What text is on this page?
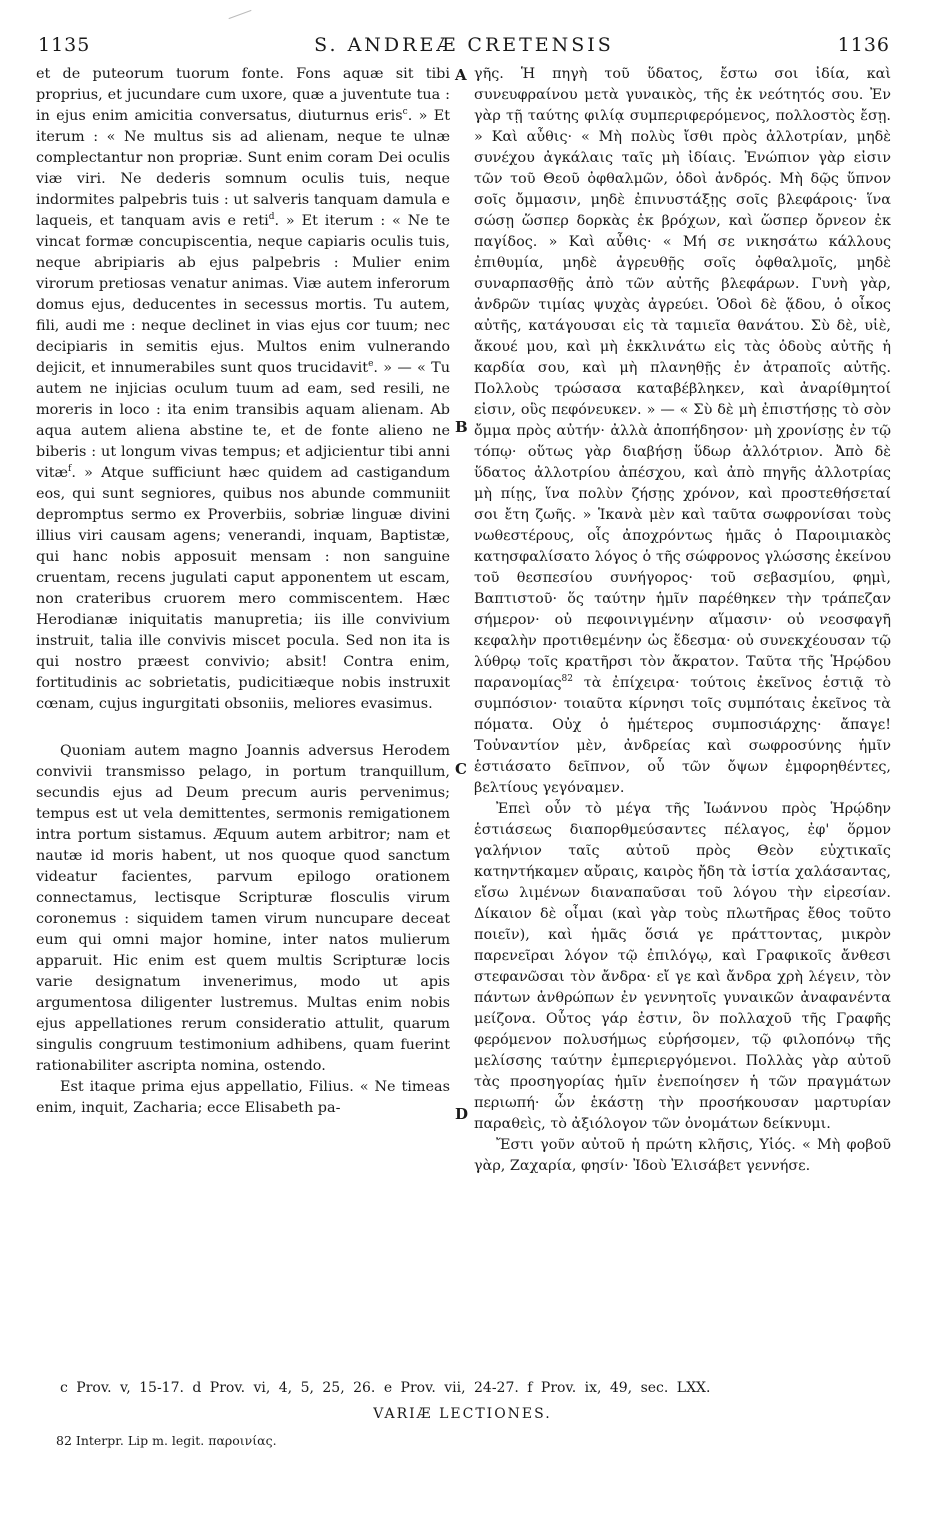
1135	S. ANDREÆ CRETENSIS	1136

et de puteorum tuorum fonte. Fons aquæ sit tibi proprius, et jucundare cum uxore, quæ a juventute tua : in ejus enim amicitia conversatus, diuturnus eris$^c$. » Et iterum : « Ne multus sis ad alienam, neque te ulnæ complectantur non propriæ. Sunt enim coram Dei oculis viæ viri. Ne dederis somnum oculis tuis, neque indormites palpebris tuis : ut salveris tanquam damula e laqueis, et tanquam avis e reti$^d$. » Et iterum : « Ne te vincat formæ concupiscentia, neque capiaris oculis tuis, neque abripiaris ab ejus palpebris : Mulier enim virorum pretiosas venatur animas. Viæ autem inferorum domus ejus, deducentes in secessus mortis. Tu autem, fili, audi me : neque declinet in vias ejus cor tuum; nec decipiaris in semitis ejus. Multos enim vulnerando dejicit, et innumerabiles sunt quos trucidavit$^e$. » — « Tu autem ne injicias oculum tuum ad eam, sed resili, ne moreris in loco : ita enim transibis aquam alienam. Ab aqua autem aliena abstine te, et de fonte alieno ne biberis : ut longum vivas tempus; et adjicientur tibi anni vitæ$^f$. » Atque sufficiunt hæc quidem ad castigandum eos, qui sunt segniores, quibus nos abunde communiit depromptus sermo ex Proverbiis, sobriæ linguæ divini illius viri causam agens; venerandi, inquam, Baptistæ, qui hanc nobis apposuit mensam : non sanguine cruentam, recens jugulati caput apponentem ut escam, non crateribus cruorem mero commiscentem. Hæc Herodianæ iniquitatis manupretia; iis ille convivium instruit, talia ille convivis miscet pocula. Sed non ita is qui nostro præest convivio; absit! Contra enim, fortitudinis ac sobrietatis, pudicitiæque nobis instruxit cœnam, cujus ingurgitati obsoniis, meliores evasimus.

Quoniam autem magno Joannis adversus Herodem convivii transmisso pelago, in portum tranquillum, secundis ejus ad Deum precum auris pervenimus; tempus est ut vela demittentes, sermonis remigationem intra portum sistamus. Æquum autem arbitror; nam et nautæ id moris habent, ut nos quoque quod sanctum videatur facientes, parvum epilogo orationem connectamus, lectisque Scripturæ flosculis virum coronemus : siquidem tamen virum nuncupare deceat eum qui omni major homine, inter natos mulierum apparuit. Hic enim est quem multis Scripturæ locis varie designatum invenerimus, modo ut apis argumentosa diligenter lustremus. Multas enim nobis ejus appellationes rerum consideratio attulit, quarum singulis congruum testimonium adhibens, quam fuerint rationabiliter ascripta nomina, ostendo.

Est itaque prima ejus appellatio, Filius. « Ne timeas enim, inquit, Zacharia; ecce Elisabeth pa-

A
B
C
D

γῆς. Ἡ πηγὴ τοῦ ὕδατος, ἔστω σοι ἰδία, καὶ συνευφραίνου μετὰ γυναικὸς, τῆς ἐκ νεότητός σου. Ἐν γὰρ τῇ ταύτης φιλίᾳ συμπεριφερόμενος, πολλοστὸς ἔσῃ. » Καὶ αὖθις· « Μὴ πολὺς ἴσθι πρὸς ἀλλοτρίαν, μηδὲ συνέχου ἀγκάλαις ταῖς μὴ ἰδίαις. Ἐνώπιον γὰρ εἰσιν τῶν τοῦ Θεοῦ ὀφθαλμῶν, ὁδοὶ ἀνδρός. Μὴ δῷς ὕπνον σοῖς ὄμμασιν, μηδὲ ἐπινυστάξῃς σοῖς βλεφάροις· ἵνα σώσῃ ὥσπερ δορκὰς ἐκ βρόχων, καὶ ὥσπερ ὄρνεον ἐκ παγίδος. » Καὶ αὖθις· « Μή σε νικησάτω κάλλους ἐπιθυμία, μηδὲ ἀγρευθῇς σοῖς ὀφθαλμοῖς, μηδὲ συναρπασθῇς ἀπὸ τῶν αὐτῆς βλεφάρων. Γυνὴ γὰρ, ἀνδρῶν τιμίας ψυχὰς ἀγρεύει. Ὁδοὶ δὲ ᾅδου, ὁ οἶκος αὐτῆς, κατάγουσαι εἰς τὰ ταμιεῖα θανάτου. Σὺ δὲ, υἱὲ, ἄκουέ μου, καὶ μὴ ἐκκλινάτω εἰς τὰς ὁδοὺς αὐτῆς ἡ καρδία σου, καὶ μὴ πλανηθῇς ἐν ἀτραποῖς αὐτῆς. Πολλοὺς τρώσασα καταβέβληκεν, καὶ ἀναρίθμητοί εἰσιν, οὓς πεφόνευκεν. » — « Σὺ δὲ μὴ ἐπιστήσῃς τὸ σὸν ὄμμα πρὸς αὐτήν· ἀλλὰ ἀποπήδησον· μὴ χρονίσῃς ἐν τῷ τόπῳ· οὕτως γὰρ διαβήσῃ ὕδωρ ἀλλότριον. Ἀπὸ δὲ ὕδατος ἀλλοτρίου ἀπέσχου, καὶ ἀπὸ πηγῆς ἀλλοτρίας μὴ πίῃς, ἵνα πολὺν ζήσῃς χρόνον, καὶ προστεθήσεταί σοι ἔτη ζωῆς. » Ἱκανὰ μὲν καὶ ταῦτα σωφρονίσαι τοὺς νωθεστέρους, οἷς ἀποχρόντως ἡμᾶς ὁ Παροιμιακὸς κατησφαλίσατο λόγος ὁ τῆς σώφρονος γλώσσης ἐκείνου τοῦ θεσπεσίου συνήγορος· τοῦ σεβασμίου, φημὶ, Βαπτιστοῦ· ὅς ταύτην ἡμῖν παρέθηκεν τὴν τράπεζαν σήμερον· οὐ πεφοινιγμένην αἵμασιν· οὐ νεοσφαγῆ κεφαλὴν προτιθεμένην ὡς ἔδεσμα· οὐ συνεκχέουσαν τῷ λύθρῳ τοῖς κρατῆρσι τὸν ἄκρατον. Ταῦτα τῆς Ἡρῴδου παρανομίας$^{82}$ τὰ ἐπίχειρα· τούτοις ἐκεῖνος ἑστιᾷ τὸ συμπόσιον· τοιαῦτα κίρνησι τοῖς συμπόταις ἐκεῖνος τὰ πόματα. Οὐχ ὁ ἡμέτερος συμποσιάρχης· ἄπαγε! Τοὐναντίον μὲν, ἀνδρείας καὶ σωφροσύνης ἡμῖν ἑστιάσατο δεῖπνον, οὗ τῶν ὄψων ἐμφορηθέντες, βελτίους γεγόναμεν.

Ἐπεὶ οὖν τὸ μέγα τῆς Ἰωάννου πρὸς Ἡρῴδην ἑστιάσεως διαπορθμεύσαντες πέλαγος, ἐφ' ὅρμον γαλήνιον ταῖς αὐτοῦ πρὸς Θεὸν εὐχτικαῖς κατηντήκαμεν αὔραις, καιρὸς ἤδη τὰ ἱστία χαλάσαντας, εἴσω λιμένων διαναπαῦσαι τοῦ λόγου τὴν εἰρεσίαν. Δίκαιον δὲ οἶμαι (καὶ γὰρ τοὺς πλωτῆρας ἔθος τοῦτο ποιεῖν), καὶ ἡμᾶς ὅσιά γε πράττοντας, μικρὸν παρενεῖραι λόγον τῷ ἐπιλόγῳ, καὶ Γραφικοῖς ἄνθεσι στεφανῶσαι τὸν ἄνδρα· εἴ γε καὶ ἄνδρα χρὴ λέγειν, τὸν πάντων ἀνθρώπων ἐν γεννητοῖς γυναικῶν ἀναφανέντα μείζονα. Οὗτος γάρ ἐστιν, ὃν πολλαχοῦ τῆς Γραφῆς φερόμενον πολυσήμως εὑρήσομεν, τῷ φιλοπόνῳ τῆς μελίσσης ταύτην ἐμπεριεργόμενοι. Πολλὰς γὰρ αὐτοῦ τὰς προσηγορίας ἡμῖν ἐνεποίησεν ἡ τῶν πραγμάτων περιωπή· ὧν ἑκάστῃ τὴν προσήκουσαν μαρτυρίαν παραθεὶς, τὸ ἀξιόλογον τῶν ὀνομάτων δείκνυμι.

Ἔστι γοῦν αὐτοῦ ἡ πρώτη κλῆσις, Υἱός. « Μὴ φοβοῦ γὰρ, Ζαχαρία, φησίν· Ἰδοὺ Ἐλισάβετ γεννήσε.

c Prov. v, 15-17. d Prov. vi, 4, 5, 25, 26. e Prov. vii, 24-27. f Prov. ix, 49, sec. LXX.
VARIÆ LECTIONES.
82 Interpr. Lip m. legit. παροινίας.
